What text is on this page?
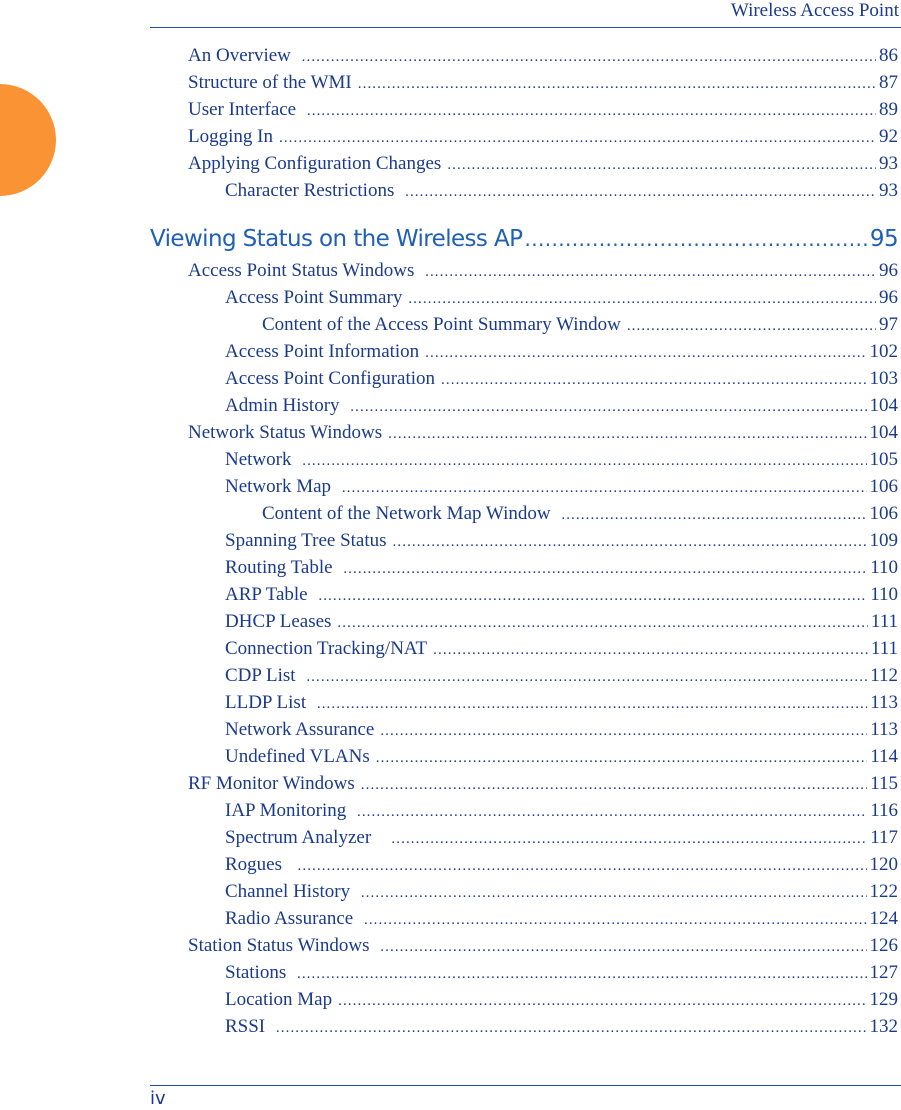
Wireless Access Point
An Overview .....	86
Structure of the WMI .....	87
User Interface .....	89
Logging In .....	92
Applying Configuration Changes .....	93
Character Restrictions .....	93
Viewing Status on the Wireless AP .....	95
Access Point Status Windows .....	96
Access Point Summary .....	96
Content of the Access Point Summary Window .....	97
Access Point Information .....	102
Access Point Configuration .....	103
Admin History .....	104
Network Status Windows .....	104
Network .....	105
Network Map .....	106
Content of the Network Map Window .....	106
Spanning Tree Status .....	109
Routing Table .....	110
ARP Table .....	110
DHCP Leases .....	111
Connection Tracking/NAT .....	111
CDP List .....	112
LLDP List .....	113
Network Assurance .....	113
Undefined VLANs .....	114
RF Monitor Windows .....	115
IAP Monitoring .....	116
Spectrum Analyzer .....	117
Rogues .....	120
Channel History .....	122
Radio Assurance .....	124
Station Status Windows .....	126
Stations .....	127
Location Map .....	129
RSSI .....	132
iv
